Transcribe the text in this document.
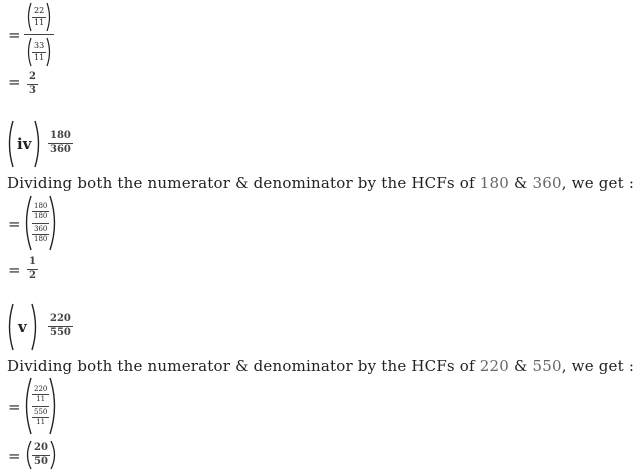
= 22
11
33
11
= $\frac{2}{3}$
iv	$\frac{180}{360}$
Dividing both the numerator & denominator by the HCFs of 180 & 360, we get :
=
180
180
360
180
= $\frac{1}{2}$
v	$\frac{220}{550}$
Dividing both the numerator & denominator by the HCFs of 220 & 550, we get :
=
220
11
550
11
= $\frac{20}{50}$
